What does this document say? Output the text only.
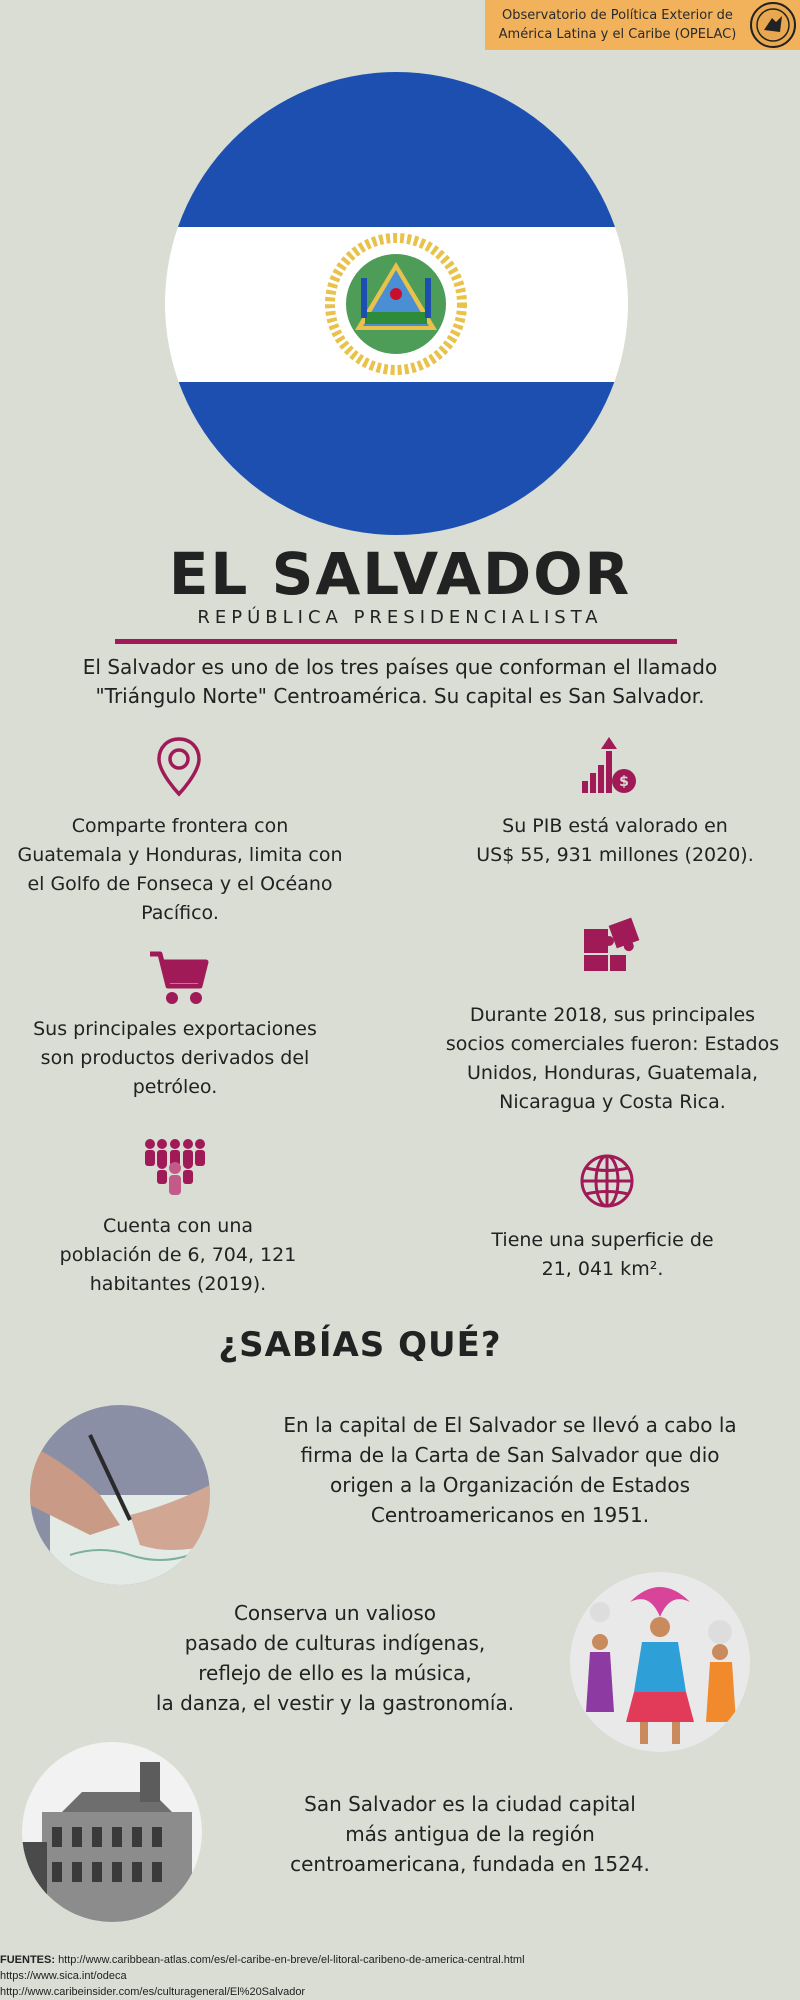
Observatorio de Política Exterior de
América Latina y el Caribe (OPELAC)
EL SALVADOR
REPÚBLICA PRESIDENCIALISTA
El Salvador es uno de los tres países que conforman el llamado
"Triángulo Norte" Centroamérica. Su capital es San Salvador.
Comparte frontera con
Guatemala y Honduras, limita con
el Golfo de Fonseca y el Océano
Pacífico.
$
Su PIB está valorado en
US$ 55, 931 millones (2020).
Sus principales exportaciones
son productos derivados del
petróleo.
Durante 2018, sus principales
socios comerciales fueron: Estados
Unidos, Honduras, Guatemala,
Nicaragua y Costa Rica.
Cuenta con una
población de 6, 704, 121
habitantes (2019).
Tiene una superficie de
21, 041 km².
¿SABÍAS QUÉ?
En la capital de El Salvador se llevó a cabo la
firma de la Carta de San Salvador que dio
origen a la Organización de Estados
Centroamericanos en 1951.
Conserva un valioso
pasado de culturas indígenas,
reflejo de ello es la música,
la danza, el vestir y la gastronomía.
San Salvador es la ciudad capital
más antigua de la región
centroamericana, fundada en 1524.
FUENTES: http://www.caribbean-atlas.com/es/el-caribe-en-breve/el-litoral-caribeno-de-america-central.html
https://www.sica.int/odeca
http://www.caribeinsider.com/es/culturageneral/El%20Salvador
